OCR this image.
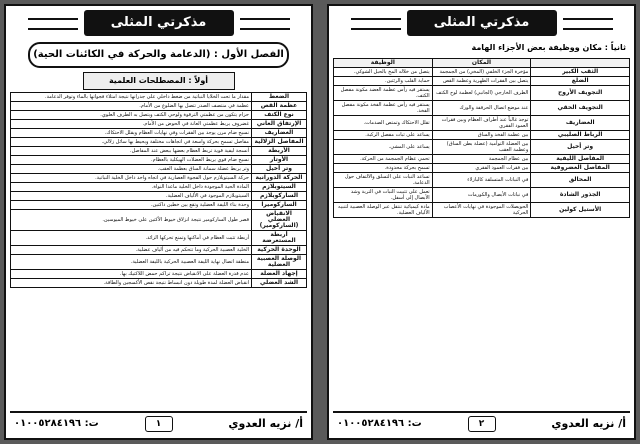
مذكرتي المثلى
الفصل الأول : (الدعامة والحركة في الكائنات الحية)
أولاً : المصطلحات العلمية
الضغط	مقدار ما تحت الخلايا النباتية من ضغط داخلي على جدرانها نتيجة امتلاء فجواتها بالماء وتوفر الدعامة.
عظمة القص	عظمة في منتصف الصدر تتصل بها الضلوع من الأمام.
نوع الكتف	حزام يتكون من عظمتي الترقوة ولوحي الكتف ويتصل به الطرف العلوي.
الإرتفاق العاني	غضروف يربط عظمتي العانة في الحوض من الأمام.
الغضاريف	نسيج ضام مرن يوجد بين الفقرات وفي نهايات العظام ويقلل الاحتكاك.
المفاصل الزلالية	مفاصل تسمح بحركة واسعة في اتجاهات مختلفة ويحيط بها سائل زلالي.
الأربطة	أنسجة ليفية قوية تربط العظام بعضها ببعض عند المفاصل.
الأوتار	نسيج ضام قوي يربط العضلات الهيكلية بالعظام.
وتر أخيل	وتر يربط عضلة سمانة الساق بعظمة العقب.
الحركة الدورانية	حركة السيتوبلازم حول الفجوة العصارية في اتجاه واحد داخل الخلية النباتية.
السيتوبلازم	المادة الحية الموجودة داخل الخلية ماعدا النواة.
الساركوبلازم	السيتوبلازم الموجود في الألياف العضلية.
الساركوميرا	وحدة بناء الليفة العضلية وتقع بين خطين داكنين.
الانقباض العضلي (الساركومير)	قصر طول الساركومير نتيجة انزلاق خيوط الأكتين على خيوط الميوسين.
أربطة المستعرضة	أربطة تثبت العظام في أماكنها وتمنع تحركها الزائد.
الوحدة الحركية	الخلية العصبية الحركية وما تتحكم فيه من ألياف عضلية.
الوصلة العصبية العضلية	منطقة اتصال نهاية الليفة العصبية الحركية بالليفة العضلية.
إجهاد العضلة	عدم قدرة العضلة على الانقباض نتيجة تراكم حمض اللاكتيك بها.
الشد العضلي	انقباض العضلة لمدة طويلة دون انبساط نتيجة نقص الأكسجين والطاقة.
ت: ٠١٠٠٥٢٨٤١٩٦	١	أ/ نزيه العدوي
مذكرتي المثلى
ثانياً : مكان ووظيفة بعض الأجزاء الهامة
	المكان	الوظيفة
الثقب الكبير	مؤخرة الجزء الخلفي (المخي) من الجمجمة	يتصل من خلاله المخ بالحبل الشوكي.
الضلع	يتصل بين الفقرات الظهرية وعظمة القص	حماية القلب والرئتين.
التجويف الأروح	الطرف الخارجي (الجانبي) لعظمة لوح الكتف	يستقر فيه رأس عظمة العضد مكونة مفصل الكتف.
التجويف الحقي	عند موضع اتصال الحرقفة والورك	يستقر فيه رأس عظمة الفخذ مكونة مفصل الفخذ.
الغضاريف	توجد غالباً عند أطراف العظام وبين فقرات العمود الفقري	تقلل الاحتكاك وتمتص الصدمات.
الرباط الصليبي	بين عظمة الفخذ والساق	يساعد على ثبات مفصل الركبة.
وتر أخيل	بين العضلة التوأمية (عضلة بطن الساق) وعظمة العقب	يساعد على المشي.
المفاصل الليفية	بين عظام الجمجمة	تحمي عظام الجمجمة من الحركة.
المفاصل الغضروفية	بين فقرات العمود الفقري	تسمح بحركة محدودة.
المحالق	في النباتات المتسلقة كالبازلاء	تساعد النبات على التسلق والالتفاف حول الدعامة.
الجذور الشادة	في نباتات الأبصال والكورمات	تعمل على تثبيت النبات في التربة وشد الأبصال إلى أسفل.
الأستيل كولين	الحويصلات الموجودة في نهايات الأعصاب الحركية	مادة كيميائية تنتقل عبر الوصلة العصبية لتنبيه الألياف العضلية.
ت: ٠١٠٠٥٢٨٤١٩٦	٢	أ/ نزيه العدوي
